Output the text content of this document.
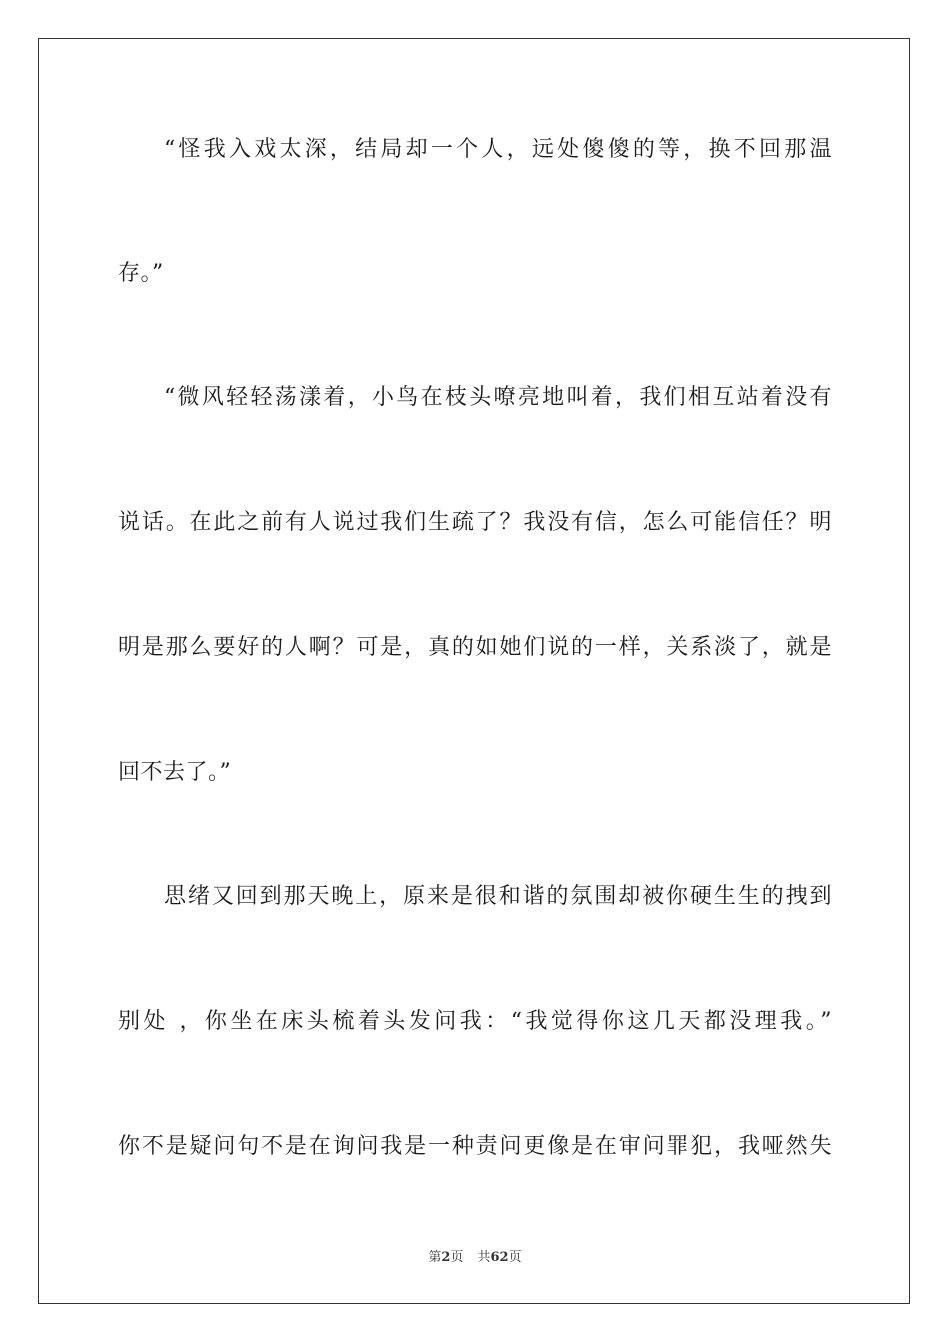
“怪我入戏太深，结局却一个人，远处傻傻的等，换不回那温
存。”
“微风轻轻荡漾着，小鸟在枝头嘹亮地叫着，我们相互站着没有
说话。在此之前有人说过我们生疏了？我没有信，怎么可能信任？明
明是那么要好的人啊？可是，真的如她们说的一样，关系淡了，就是
回不去了。”
思绪又回到那天晚上，原来是很和谐的氛围却被你硬生生的拽到
别处 ，你坐在床头梳着头发问我：“我觉得你这几天都没理我。”
你不是疑问句不是在询问我是一种责问更像是在审问罪犯，我哑然失
第2页 共62页
